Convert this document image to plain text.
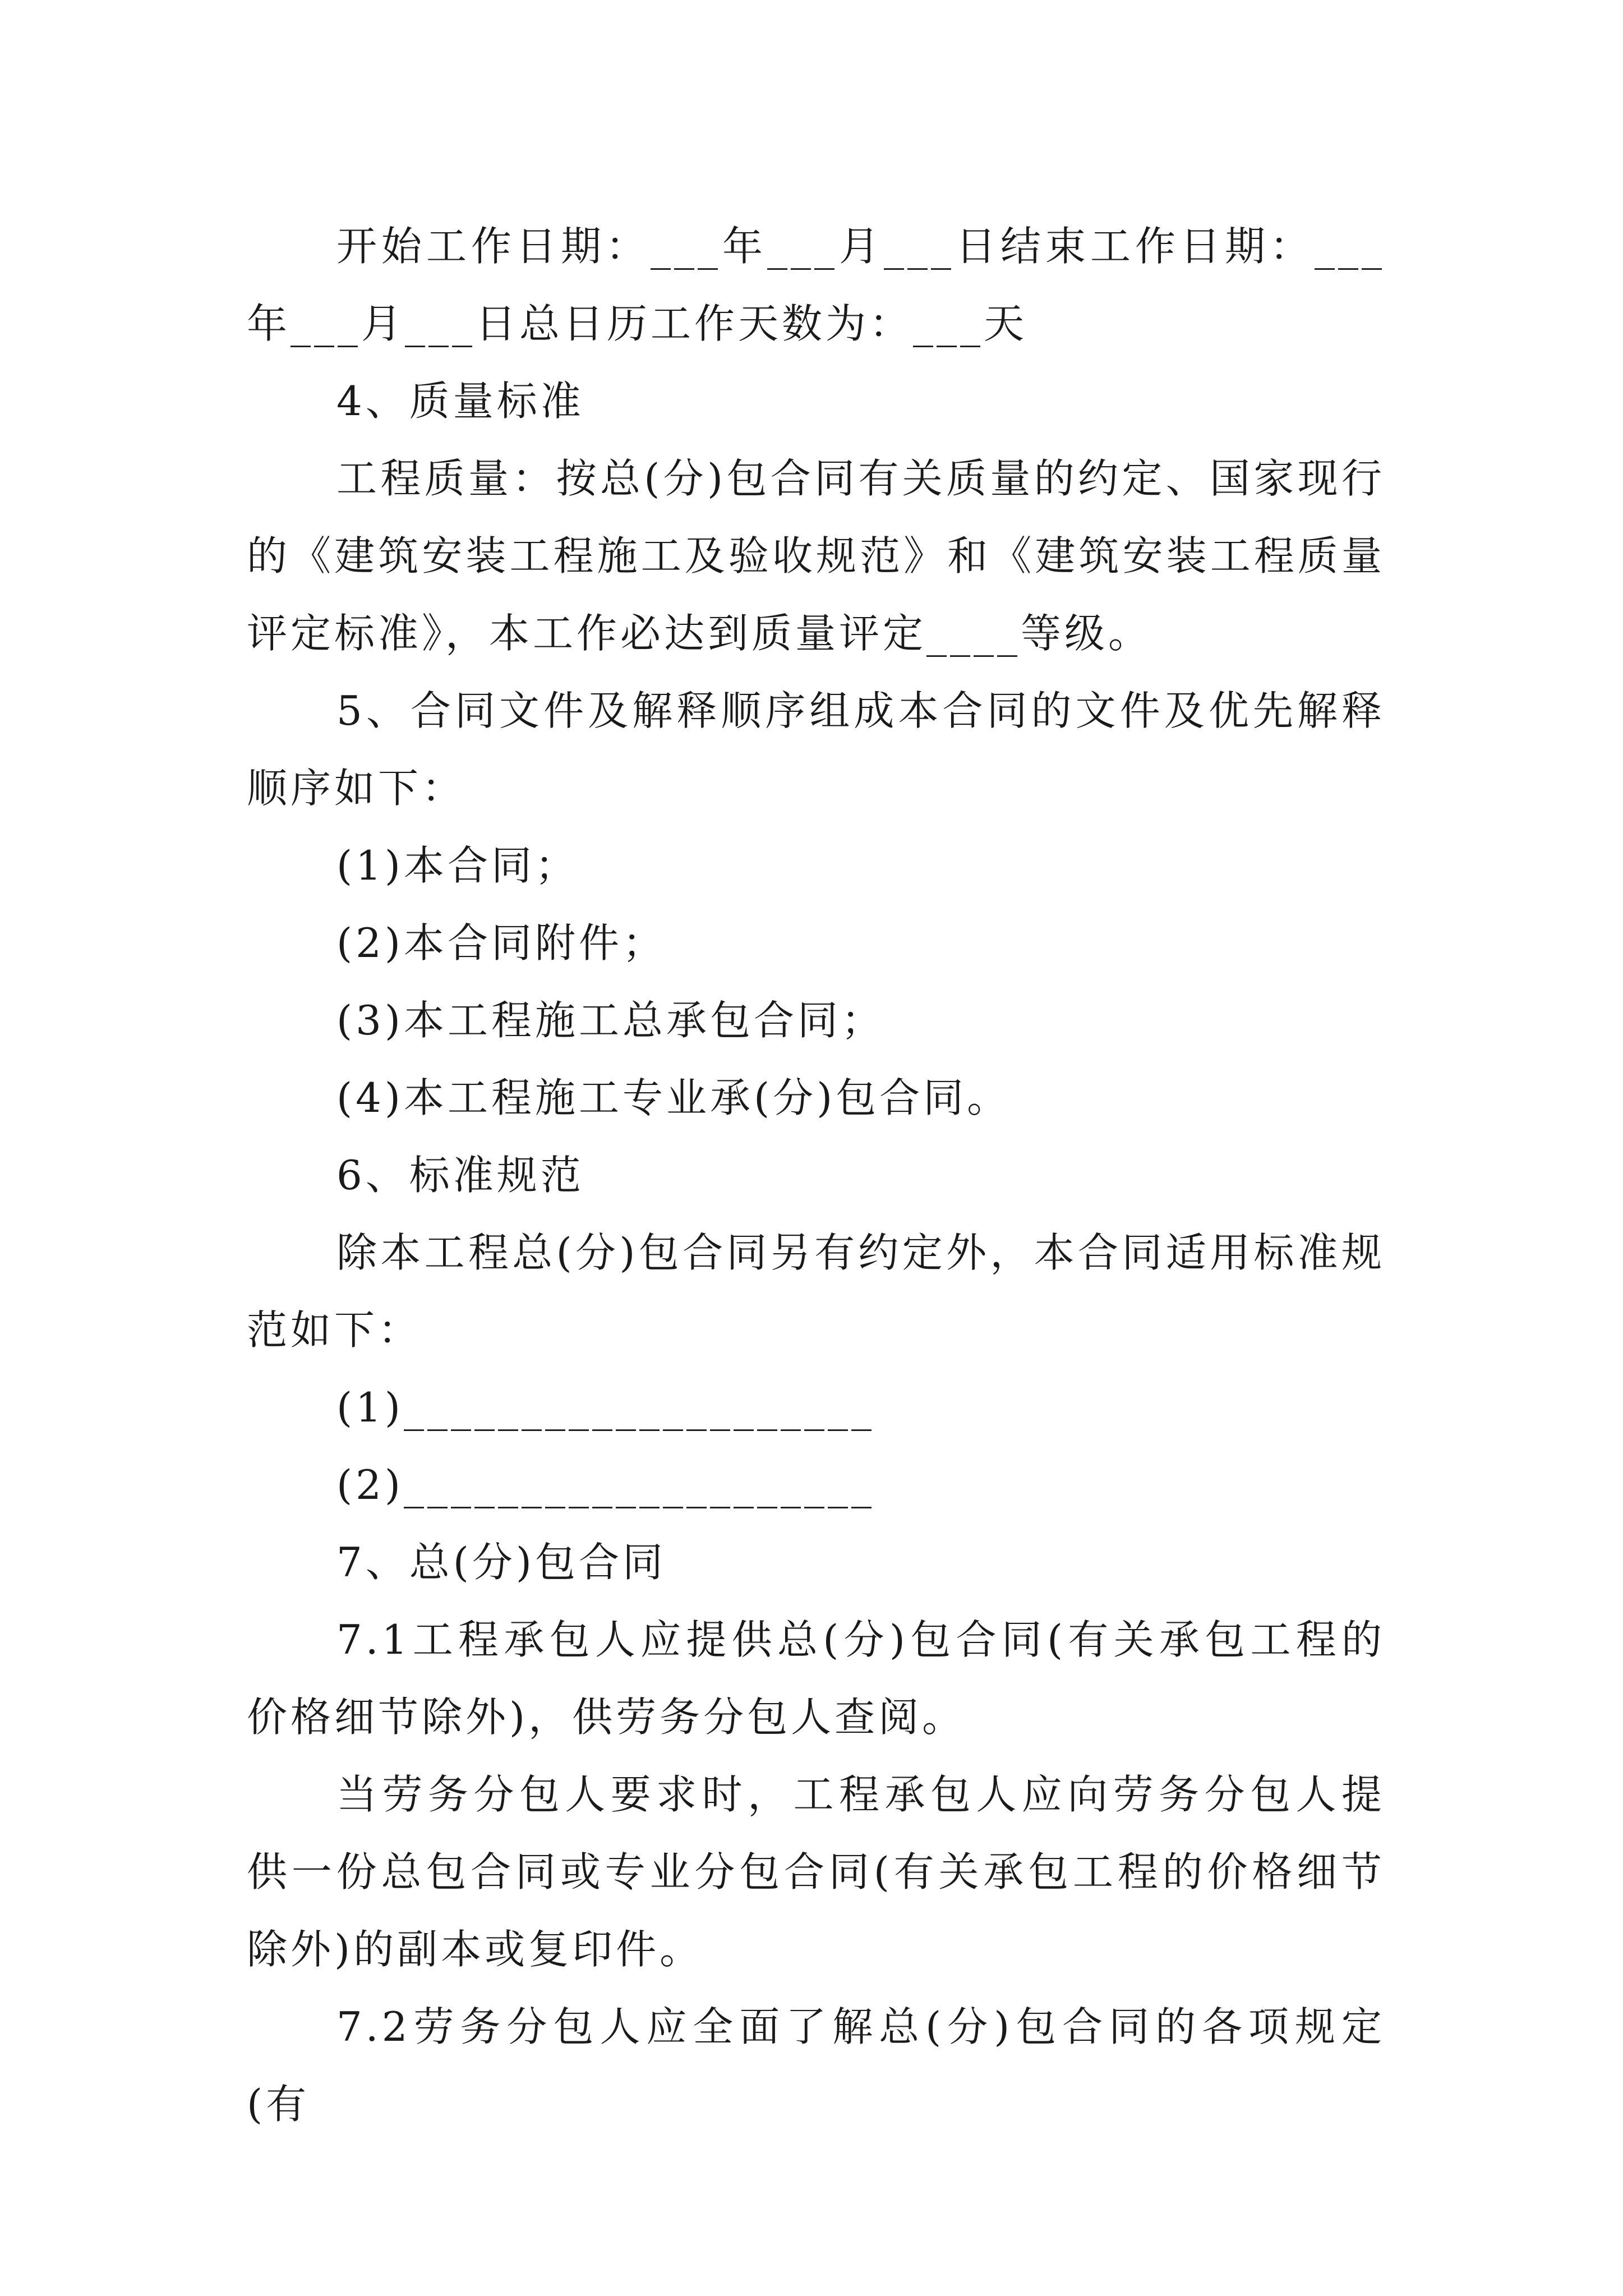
开始工作日期：___年___月___日结束工作日期：___年___月___日总日历工作天数为：___天

4、质量标准

工程质量：按总(分)包合同有关质量的约定、国家现行的《建筑安装工程施工及验收规范》和《建筑安装工程质量评定标准》，本工作必达到质量评定____等级。

5、合同文件及解释顺序组成本合同的文件及优先解释顺序如下：

(1)本合同；

(2)本合同附件；

(3)本工程施工总承包合同；

(4)本工程施工专业承(分)包合同。

6、标准规范

除本工程总(分)包合同另有约定外，本合同适用标准规范如下：

(1)____________________

(2)____________________

7、总(分)包合同

7.1工程承包人应提供总(分)包合同(有关承包工程的价格细节除外)，供劳务分包人查阅。

当劳务分包人要求时，工程承包人应向劳务分包人提供一份总包合同或专业分包合同(有关承包工程的价格细节除外)的副本或复印件。

7.2劳务分包人应全面了解总(分)包合同的各项规定(有
